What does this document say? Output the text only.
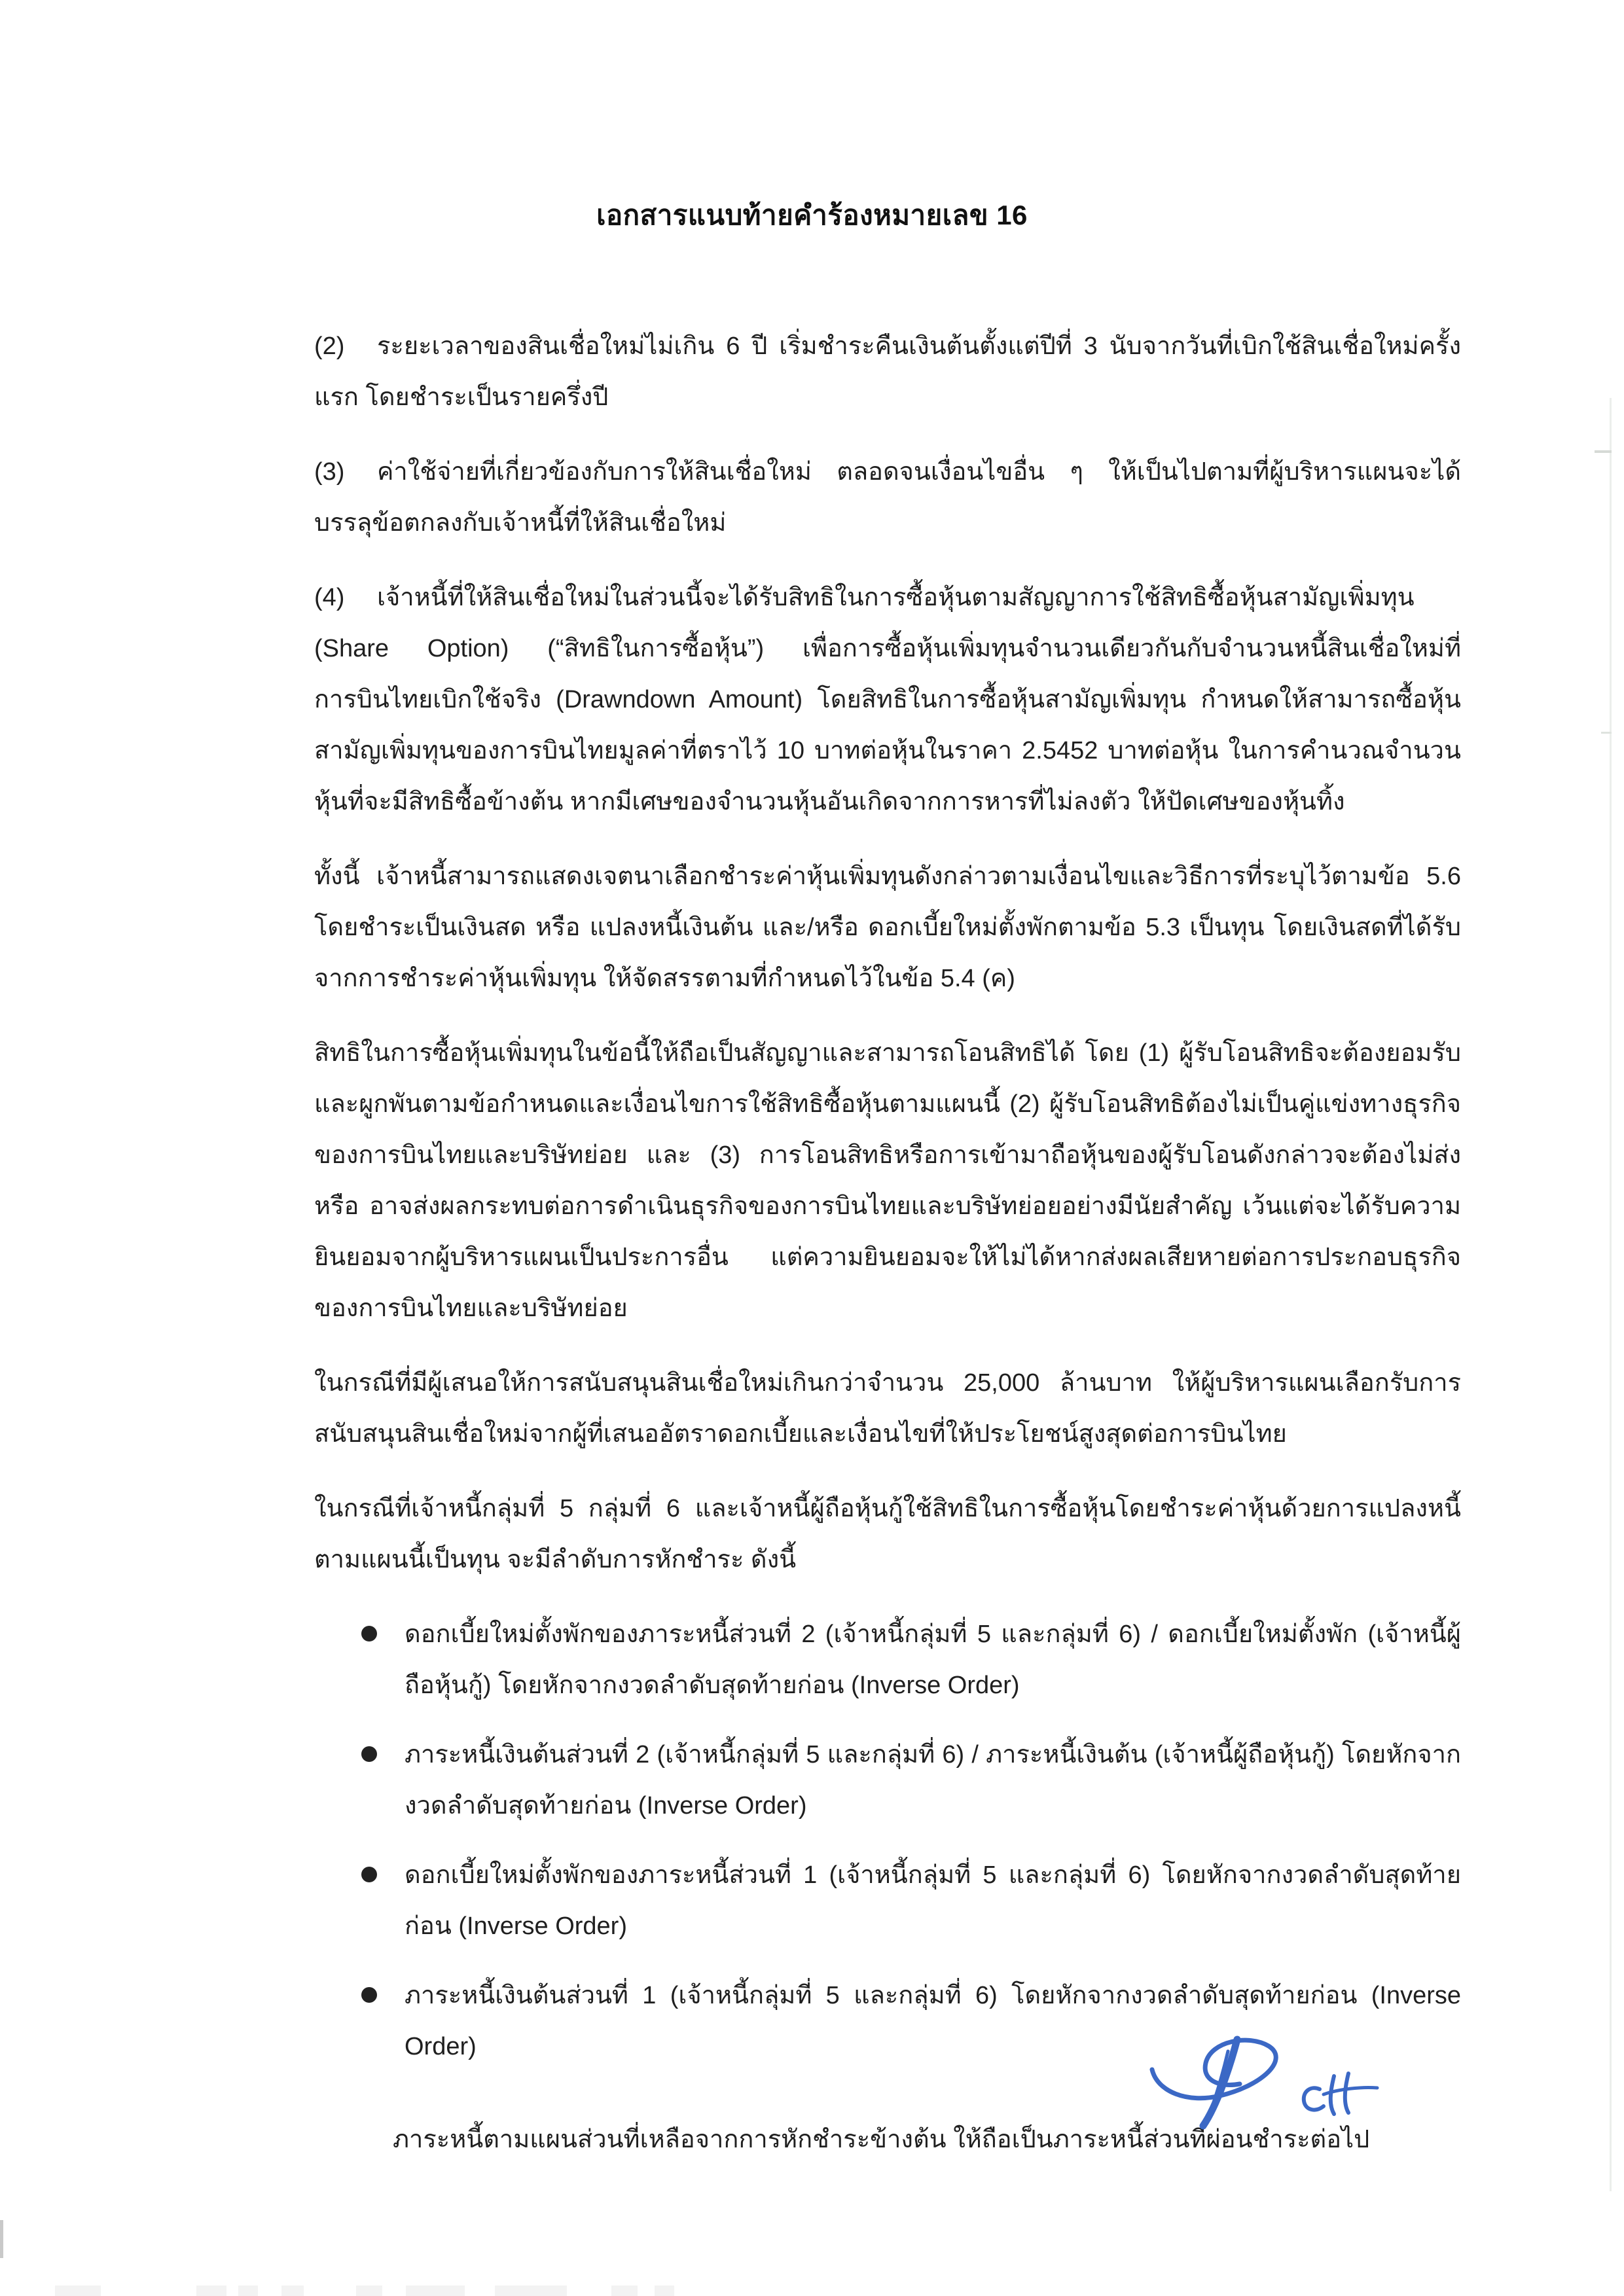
เอกสารแนบท้ายคำร้องหมายเลข 16
(2) ระยะเวลาของสินเชื่อใหม่ไม่เกิน 6 ปี เริ่มชำระคืนเงินต้นตั้งแต่ปีที่ 3 นับจากวันที่เบิกใช้สินเชื่อใหม่ครั้งแรก โดยชำระเป็นรายครึ่งปี
(3) ค่าใช้จ่ายที่เกี่ยวข้องกับการให้สินเชื่อใหม่ ตลอดจนเงื่อนไขอื่น ๆ ให้เป็นไปตามที่ผู้บริหารแผนจะได้บรรลุข้อตกลงกับเจ้าหนี้ที่ให้สินเชื่อใหม่
(4) เจ้าหนี้ที่ให้สินเชื่อใหม่ในส่วนนี้จะได้รับสิทธิในการซื้อหุ้นตามสัญญาการใช้สิทธิซื้อหุ้นสามัญเพิ่มทุน (Share Option) (“สิทธิในการซื้อหุ้น”) เพื่อการซื้อหุ้นเพิ่มทุนจำนวนเดียวกันกับจำนวนหนี้สินเชื่อใหม่ที่การบินไทยเบิกใช้จริง (Drawndown Amount) โดยสิทธิในการซื้อหุ้นสามัญเพิ่มทุน กำหนดให้สามารถซื้อหุ้นสามัญเพิ่มทุนของการบินไทยมูลค่าที่ตราไว้ 10 บาทต่อหุ้นในราคา 2.5452 บาทต่อหุ้น ในการคำนวณจำนวนหุ้นที่จะมีสิทธิซื้อข้างต้น หากมีเศษของจำนวนหุ้นอันเกิดจากการหารที่ไม่ลงตัว ให้ปัดเศษของหุ้นทิ้ง
ทั้งนี้ เจ้าหนี้สามารถแสดงเจตนาเลือกชำระค่าหุ้นเพิ่มทุนดังกล่าวตามเงื่อนไขและวิธีการที่ระบุไว้ตามข้อ 5.6 โดยชำระเป็นเงินสด หรือ แปลงหนี้เงินต้น และ/หรือ ดอกเบี้ยใหม่ตั้งพักตามข้อ 5.3 เป็นทุน โดยเงินสดที่ได้รับจากการชำระค่าหุ้นเพิ่มทุน ให้จัดสรรตามที่กำหนดไว้ในข้อ 5.4 (ค)
สิทธิในการซื้อหุ้นเพิ่มทุนในข้อนี้ให้ถือเป็นสัญญาและสามารถโอนสิทธิได้ โดย (1) ผู้รับโอนสิทธิจะต้องยอมรับและผูกพันตามข้อกำหนดและเงื่อนไขการใช้สิทธิซื้อหุ้นตามแผนนี้ (2) ผู้รับโอนสิทธิต้องไม่เป็นคู่แข่งทางธุรกิจของการบินไทยและบริษัทย่อย และ (3) การโอนสิทธิหรือการเข้ามาถือหุ้นของผู้รับโอนดังกล่าวจะต้องไม่ส่ง หรือ อาจส่งผลกระทบต่อการดำเนินธุรกิจของการบินไทยและบริษัทย่อยอย่างมีนัยสำคัญ เว้นแต่จะได้รับความยินยอมจากผู้บริหารแผนเป็นประการอื่น แต่ความยินยอมจะให้ไม่ได้หากส่งผลเสียหายต่อการประกอบธุรกิจของการบินไทยและบริษัทย่อย
ในกรณีที่มีผู้เสนอให้การสนับสนุนสินเชื่อใหม่เกินกว่าจำนวน 25,000 ล้านบาท ให้ผู้บริหารแผนเลือกรับการสนับสนุนสินเชื่อใหม่จากผู้ที่เสนออัตราดอกเบี้ยและเงื่อนไขที่ให้ประโยชน์สูงสุดต่อการบินไทย
ในกรณีที่เจ้าหนี้กลุ่มที่ 5 กลุ่มที่ 6 และเจ้าหนี้ผู้ถือหุ้นกู้ใช้สิทธิในการซื้อหุ้นโดยชำระค่าหุ้นด้วยการแปลงหนี้ตามแผนนี้เป็นทุน จะมีลำดับการหักชำระ ดังนี้
ดอกเบี้ยใหม่ตั้งพักของภาระหนี้ส่วนที่ 2 (เจ้าหนี้กลุ่มที่ 5 และกลุ่มที่ 6) / ดอกเบี้ยใหม่ตั้งพัก (เจ้าหนี้ผู้ถือหุ้นกู้) โดยหักจากงวดลำดับสุดท้ายก่อน (Inverse Order)
ภาระหนี้เงินต้นส่วนที่ 2 (เจ้าหนี้กลุ่มที่ 5 และกลุ่มที่ 6) / ภาระหนี้เงินต้น (เจ้าหนี้ผู้ถือหุ้นกู้) โดยหักจากงวดลำดับสุดท้ายก่อน (Inverse Order)
ดอกเบี้ยใหม่ตั้งพักของภาระหนี้ส่วนที่ 1 (เจ้าหนี้กลุ่มที่ 5 และกลุ่มที่ 6) โดยหักจากงวดลำดับสุดท้ายก่อน (Inverse Order)
ภาระหนี้เงินต้นส่วนที่ 1 (เจ้าหนี้กลุ่มที่ 5 และกลุ่มที่ 6) โดยหักจากงวดลำดับสุดท้ายก่อน (Inverse Order)
ภาระหนี้ตามแผนส่วนที่เหลือจากการหักชำระข้างต้น ให้ถือเป็นภาระหนี้ส่วนที่ผ่อนชำระต่อไป
